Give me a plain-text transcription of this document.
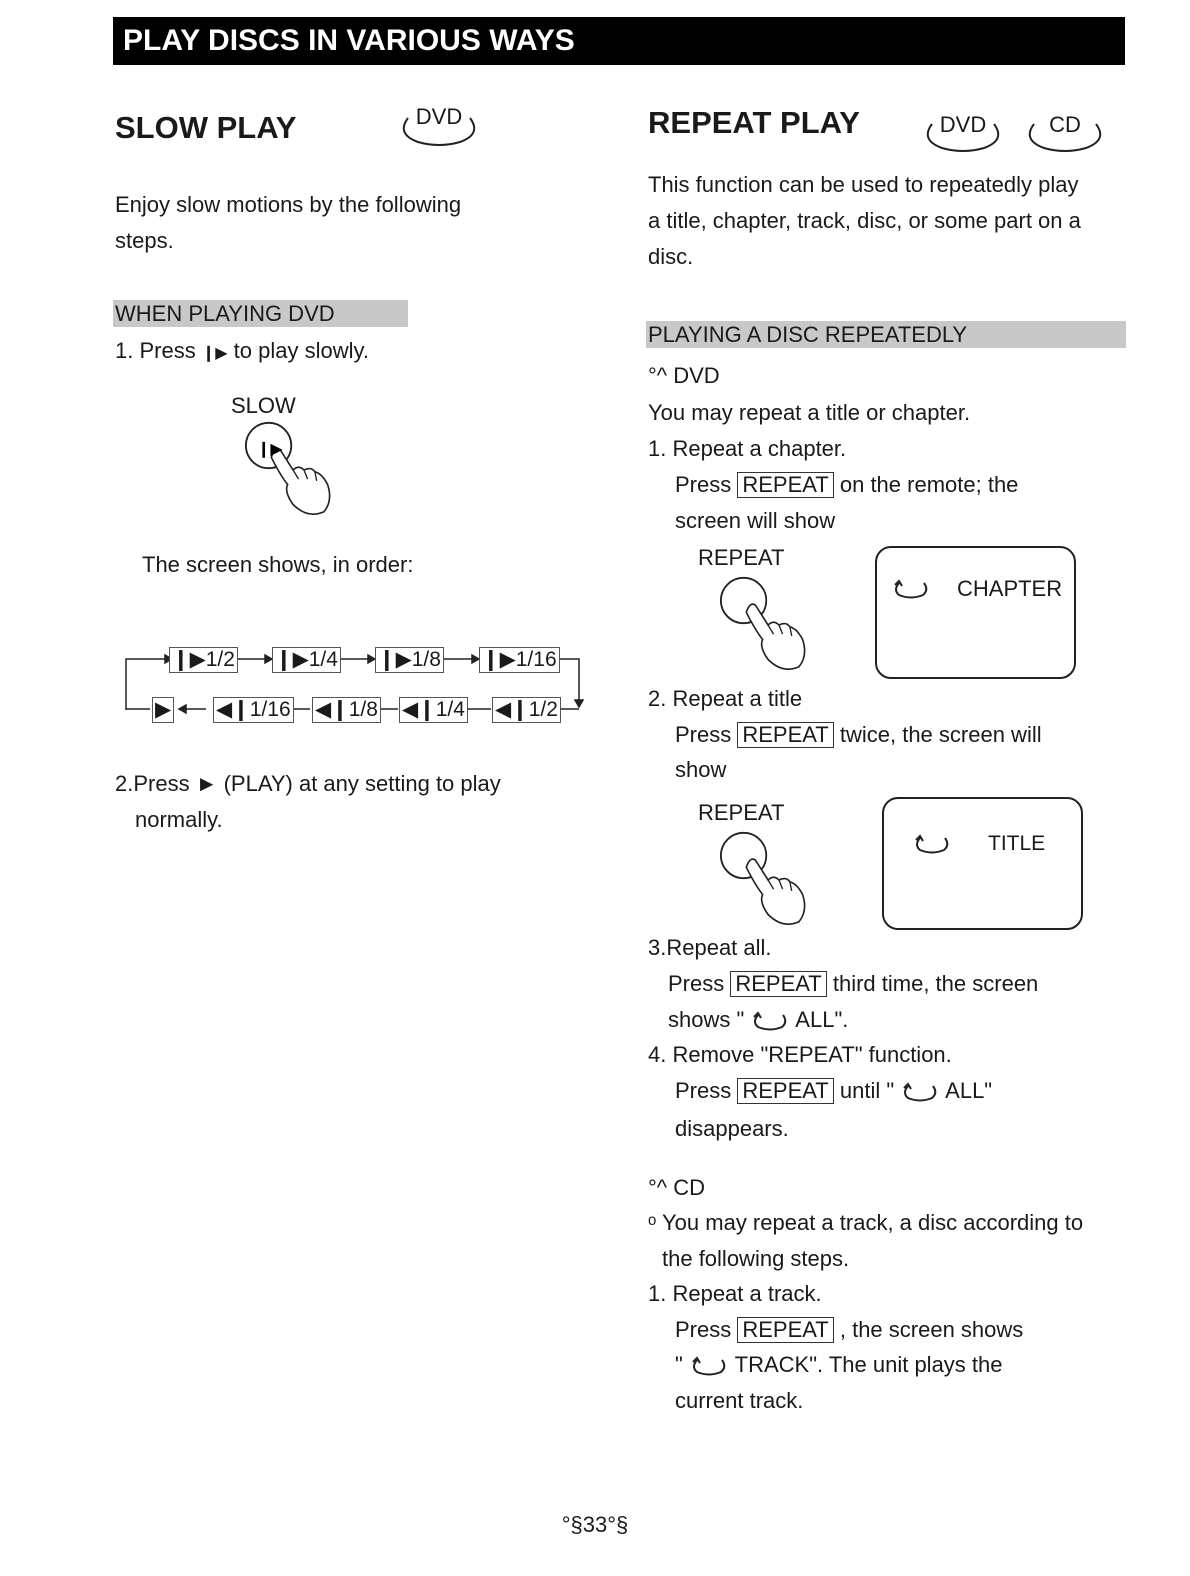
PLAY DISCS IN VARIOUS WAYS
SLOW PLAY	DVD
Enjoy slow motions by the following
steps.
WHEN PLAYING DVD
1. Press ❙▶ to play slowly.
SLOW
❙▶
The screen shows, in order:
❙▶1/2 ❙▶1/4 ❙▶1/8 ❙▶1/16
◀❙1/2
◀❙1/4
◀❙1/8
◀❙1/16
▶
2.Press ► (PLAY) at any setting to play
normally.
REPEAT PLAY	DVD	CD
This function can be used to repeatedly play
a title, chapter, track, disc, or some part on a
disc.
PLAYING A DISC REPEATEDLY
°^ DVD
You may repeat a title or chapter.
1. Repeat a chapter.
Press REPEAT on the remote; the
screen will show
REPEAT
CHAPTER
2. Repeat a title
Press REPEAT twice, the screen will
show
REPEAT
TITLE
3.Repeat all.
Press REPEAT third time, the screen
shows "  ALL".
4. Remove "REPEAT" function.
Press REPEAT until "  ALL"
disappears.
°^ CD
ᵒ You may repeat a track, a disc according to
the following steps.
1. Repeat a track.
Press REPEAT , the screen shows
"  TRACK". The unit plays the
current track.
°§33°§
